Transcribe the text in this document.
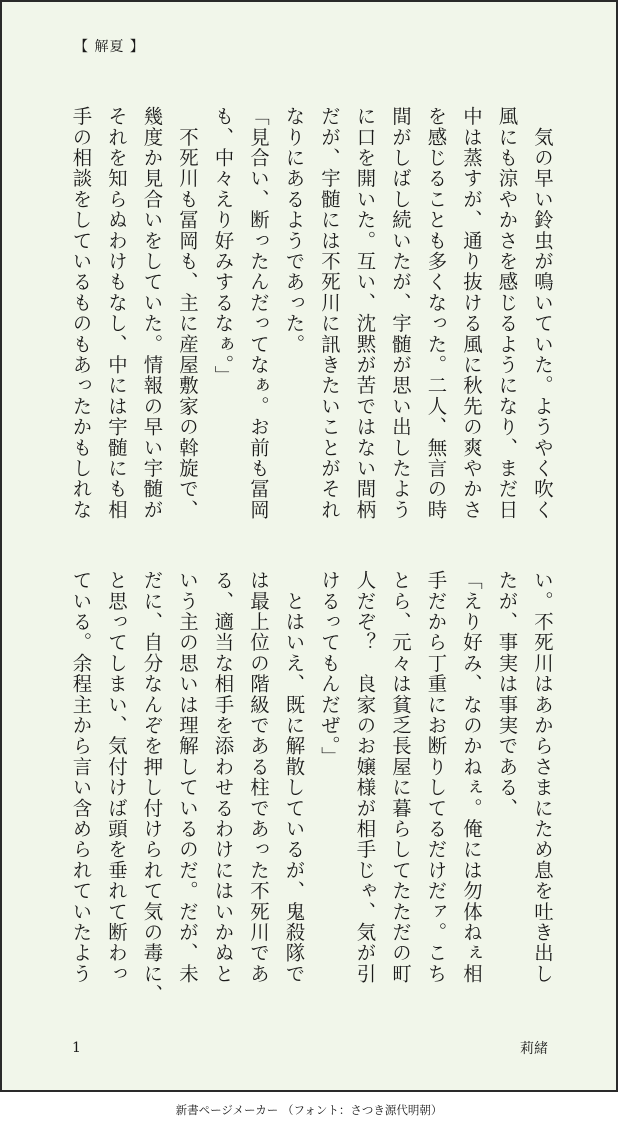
【 解夏 】
　気の早い鈴虫が鳴いていた。ようやく吹く
風にも涼やかさを感じるようになり、まだ日
中は蒸すが、通り抜ける風に秋先の爽やかさ
を感じることも多くなった。二人、無言の時
間がしばし続いたが、宇髄が思い出したよう
に口を開いた。互い、沈黙が苦ではない間柄
だが、宇髄には不死川に訊きたいことがそれ
なりにあるようであった。
「見合い、断ったんだってなぁ。お前も冨岡
も、中々えり好みするなぁ。」
　不死川も冨岡も、主に産屋敷家の斡旋で、
幾度か見合いをしていた。情報の早い宇髄が
それを知らぬわけもなし、中には宇髄にも相
手の相談をしているものもあったかもしれな
い。不死川はあからさまにため息を吐き出し
たが、事実は事実である、
「えり好み、なのかねぇ。俺には勿体ねぇ相
手だから丁重にお断りしてるだけだァ。こち
とら、元々は貧乏長屋に暮らしてたただの町
人だぞ？　良家のお嬢様が相手じゃ、気が引
けるってもんだぜ。」
　とはいえ、既に解散しているが、鬼殺隊で
は最上位の階級である柱であった不死川であ
る、適当な相手を添わせるわけにはいかぬと
いう主の思いは理解しているのだ。だが、未
だに、自分なんぞを押し付けられて気の毒に、
と思ってしまい、気付けば頭を垂れて断わっ
ている。余程主から言い含められていたよう
1	莉緒
新書ページメーカー （フォント：さつき源代明朝）
